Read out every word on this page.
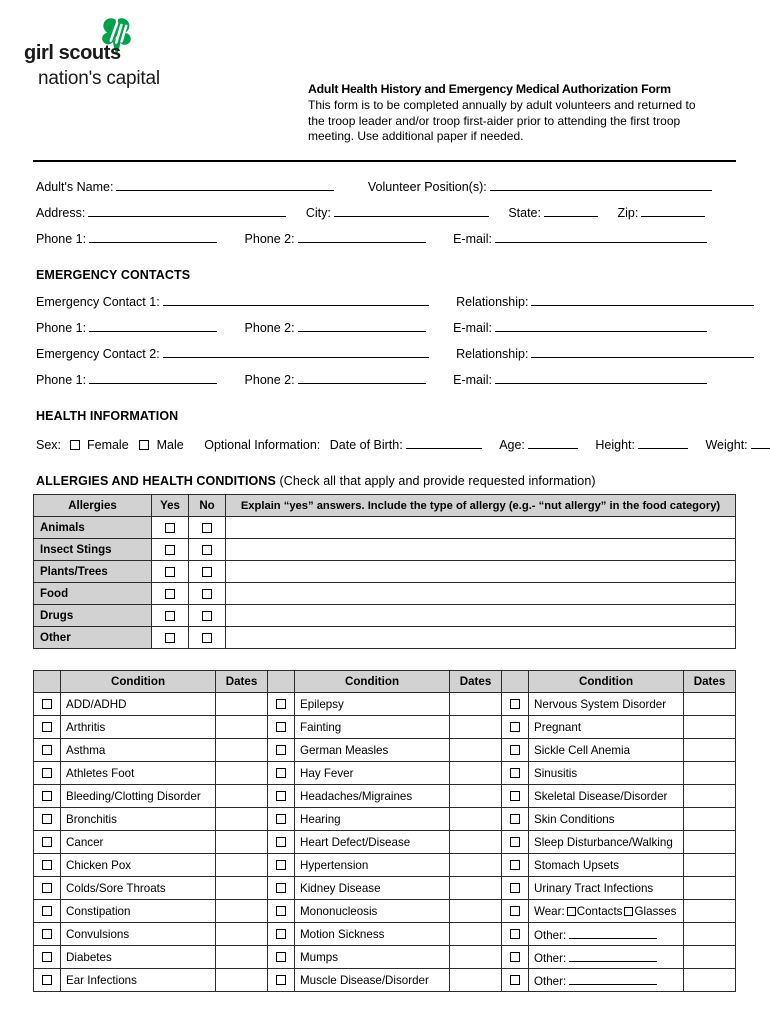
girl scouts
nation's capital	Adult Health History and Emergency Medical Authorization Form
This form is to be completed annually by adult volunteers and returned to
the troop leader and/or troop first-aider prior to attending the first troop
meeting. Use additional paper if needed.
Adult's Name:	Volunteer Position(s):
Address:	City:	State:	Zip:
Phone 1:	Phone 2:	E-mail:
EMERGENCY CONTACTS
Emergency Contact 1:	Relationship:
Phone 1:	Phone 2:	E-mail:
Emergency Contact 2:	Relationship:
Phone 1:	Phone 2:	E-mail:
HEALTH INFORMATION
Sex: Female Male Optional Information: Date of Birth:	Age:	Height:	Weight:
ALLERGIES AND HEALTH CONDITIONS (Check all that apply and provide requested information)
Allergies	Yes	No	Explain “yes” answers. Include the type of allergy (e.g.- “nut allergy” in the food category)
Animals			
Insect Stings			
Plants/Trees			
Food			
Drugs			
Other			
	Condition	Dates		Condition	Dates		Condition	Dates
	ADD/ADHD			Epilepsy			Nervous System Disorder	
	Arthritis			Fainting			Pregnant	
	Asthma			German Measles			Sickle Cell Anemia	
	Athletes Foot			Hay Fever			Sinusitis	
	Bleeding/Clotting Disorder			Headaches/Migraines			Skeletal Disease/Disorder	
	Bronchitis			Hearing			Skin Conditions	
	Cancer			Heart Defect/Disease			Sleep Disturbance/Walking	
	Chicken Pox			Hypertension			Stomach Upsets	
	Colds/Sore Throats			Kidney Disease			Urinary Tract Infections	
	Constipation			Mononucleosis			Wear: Contacts Glasses	
	Convulsions			Motion Sickness			Other:	
	Diabetes			Mumps			Other:	
	Ear Infections			Muscle Disease/Disorder			Other:	
